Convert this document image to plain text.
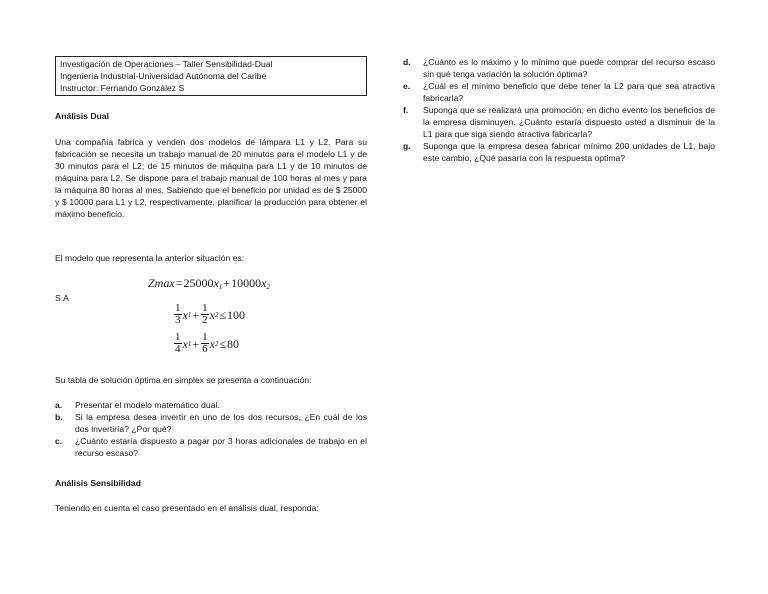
Investigación de Operaciones – Taller Sensibilidad-Dual
Ingeniería Industrial-Universidad Autónoma del Caribe
Instructor: Fernando González S

Análisis Dual

Una compañía fabrica y venden dos modelos de lámpara L1 y L2. Para su fabricación se necesita un trabajo manual de 20 minutos para el modelo L1 y de 30 minutos para el L2; de 15 minutos de máquina para L1 y de 10 minutos de máquina para L2. Se dispone para el trabajo manual de 100 horas al mes y para la máquina 80 horas al mes. Sabiendo que el beneficio por unidad es de $ 25000 y $ 10000 para L1 y L2, respectivamente, planificar la producción para obtener el máximo beneficio.

El modelo que representa la anterior situación es:

$Zmax=25000x_1+10000x_2$

S.A

$\frac{1}{3}$ x $1 + \frac{1}{2}$ x 2 ≤ 100
$\frac{1}{4}$ x $1 + \frac{1}{6}$ x 2 ≤ 80

Su tabla de solución óptima en simplex se presenta a continuación:

a. Presentar el modelo matemático dual.
b. Si la empresa desea invertir en uno de los dos recursos, ¿En cuál de los dos invertiría? ¿Por qué?
c. ¿Cuánto estaría dispuesto a pagar por 3 horas adicionales de trabajo en el recurso escaso?

Análisis Sensibilidad

Teniendo en cuenta el caso presentado en el análisis dual, responda:

d. ¿Cuánto es lo máximo y lo mínimo que puede comprar del recurso escaso sin qué tenga variación la solución óptima?
e. ¿Cuál es el mínimo beneficio que debe tener la L2 para que sea atractiva fabricarla?
f. Suponga que se realizará una promoción; en dicho evento los beneficios de la empresa disminuyen. ¿Cuánto estaría dispuesto usted a disminuir de la L1 para que siga siendo atractiva fabricarla?
g. Suponga que la empresa desea fabricar mínimo 200 unidades de L1, bajo este cambio, ¿Qué pasaría con la respuesta optima?
